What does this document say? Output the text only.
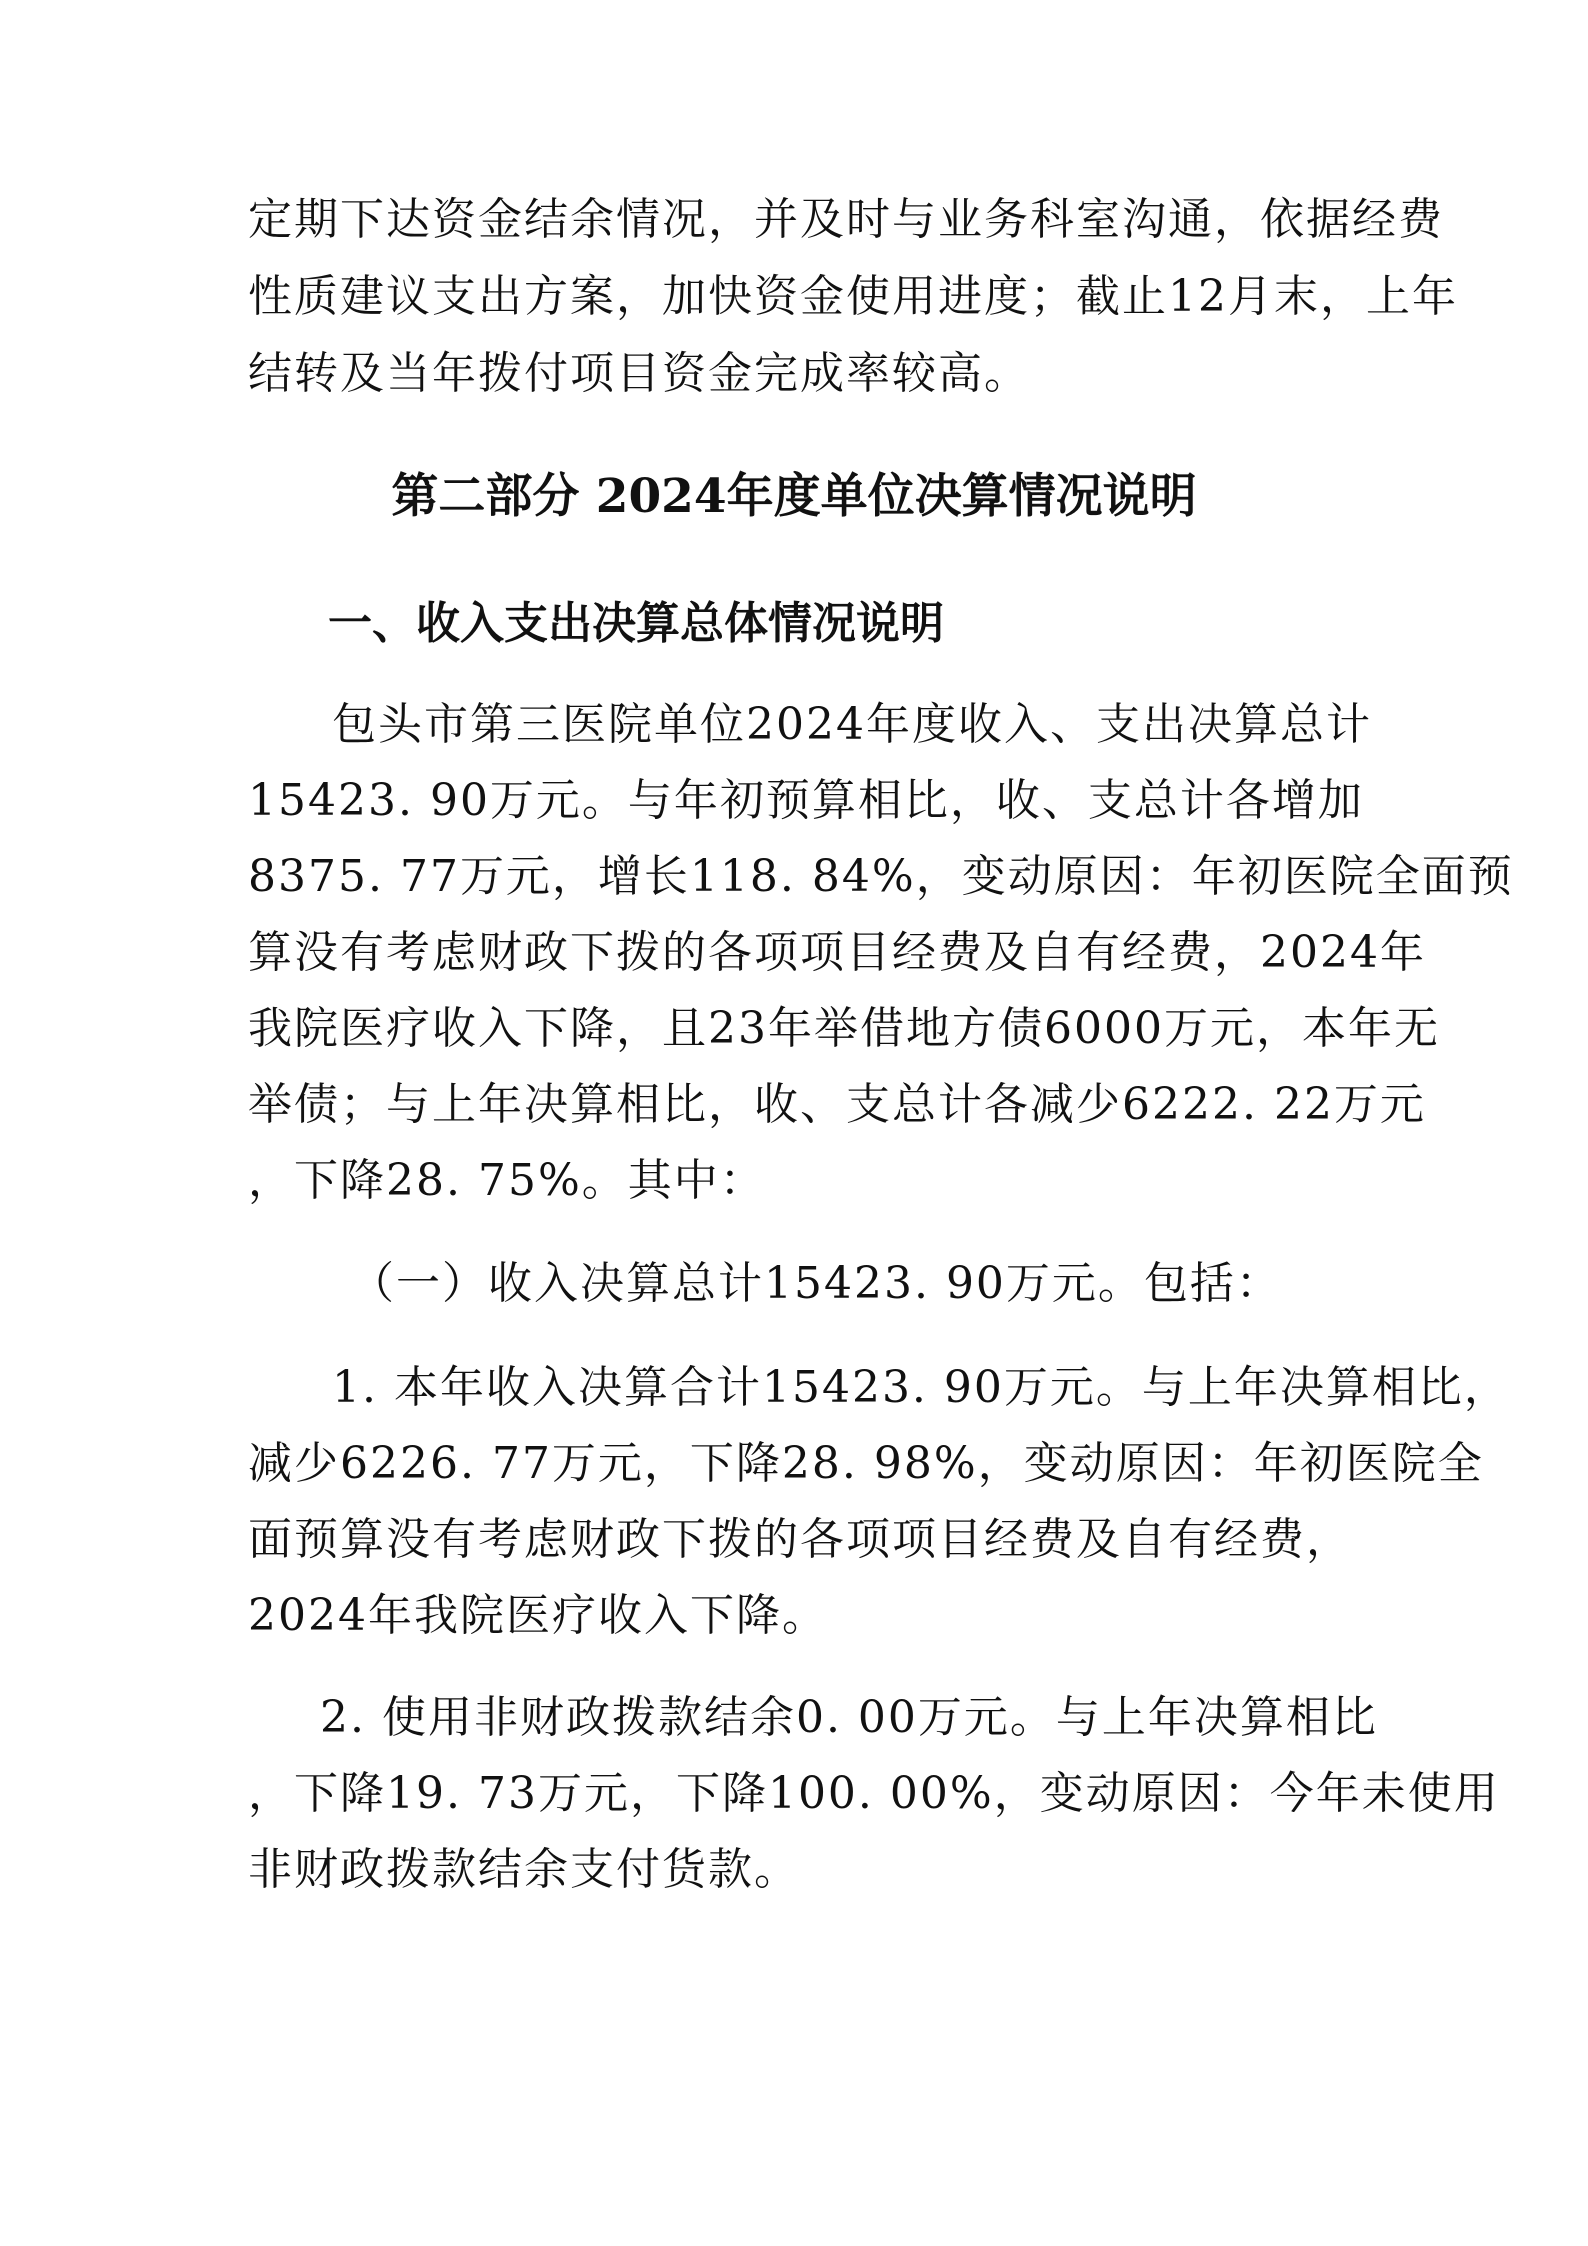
定期下达资金结余情况，并及时与业务科室沟通，依据经费
性质建议支出方案，加快资金使用进度；截止12月末，上年
结转及当年拨付项目资金完成率较高。
第二部分 2024年度单位决算情况说明
一、收入支出决算总体情况说明
包头市第三医院单位2024年度收入、支出决算总计
15423. 90万元。与年初预算相比，收、支总计各增加
8375. 77万元，增长118. 84%，变动原因：年初医院全面预
算没有考虑财政下拨的各项项目经费及自有经费，2024年
我院医疗收入下降，且23年举借地方债6000万元，本年无
举债；与上年决算相比，收、支总计各减少6222. 22万元
，下降28. 75%。其中：
（一）收入决算总计15423. 90万元。包括：
1. 本年收入决算合计15423. 90万元。与上年决算相比，
减少6226. 77万元，下降28. 98%，变动原因：年初医院全
面预算没有考虑财政下拨的各项项目经费及自有经费，
2024年我院医疗收入下降。
2. 使用非财政拨款结余0. 00万元。与上年决算相比
，下降19. 73万元，下降100. 00%，变动原因：今年未使用
非财政拨款结余支付货款。
